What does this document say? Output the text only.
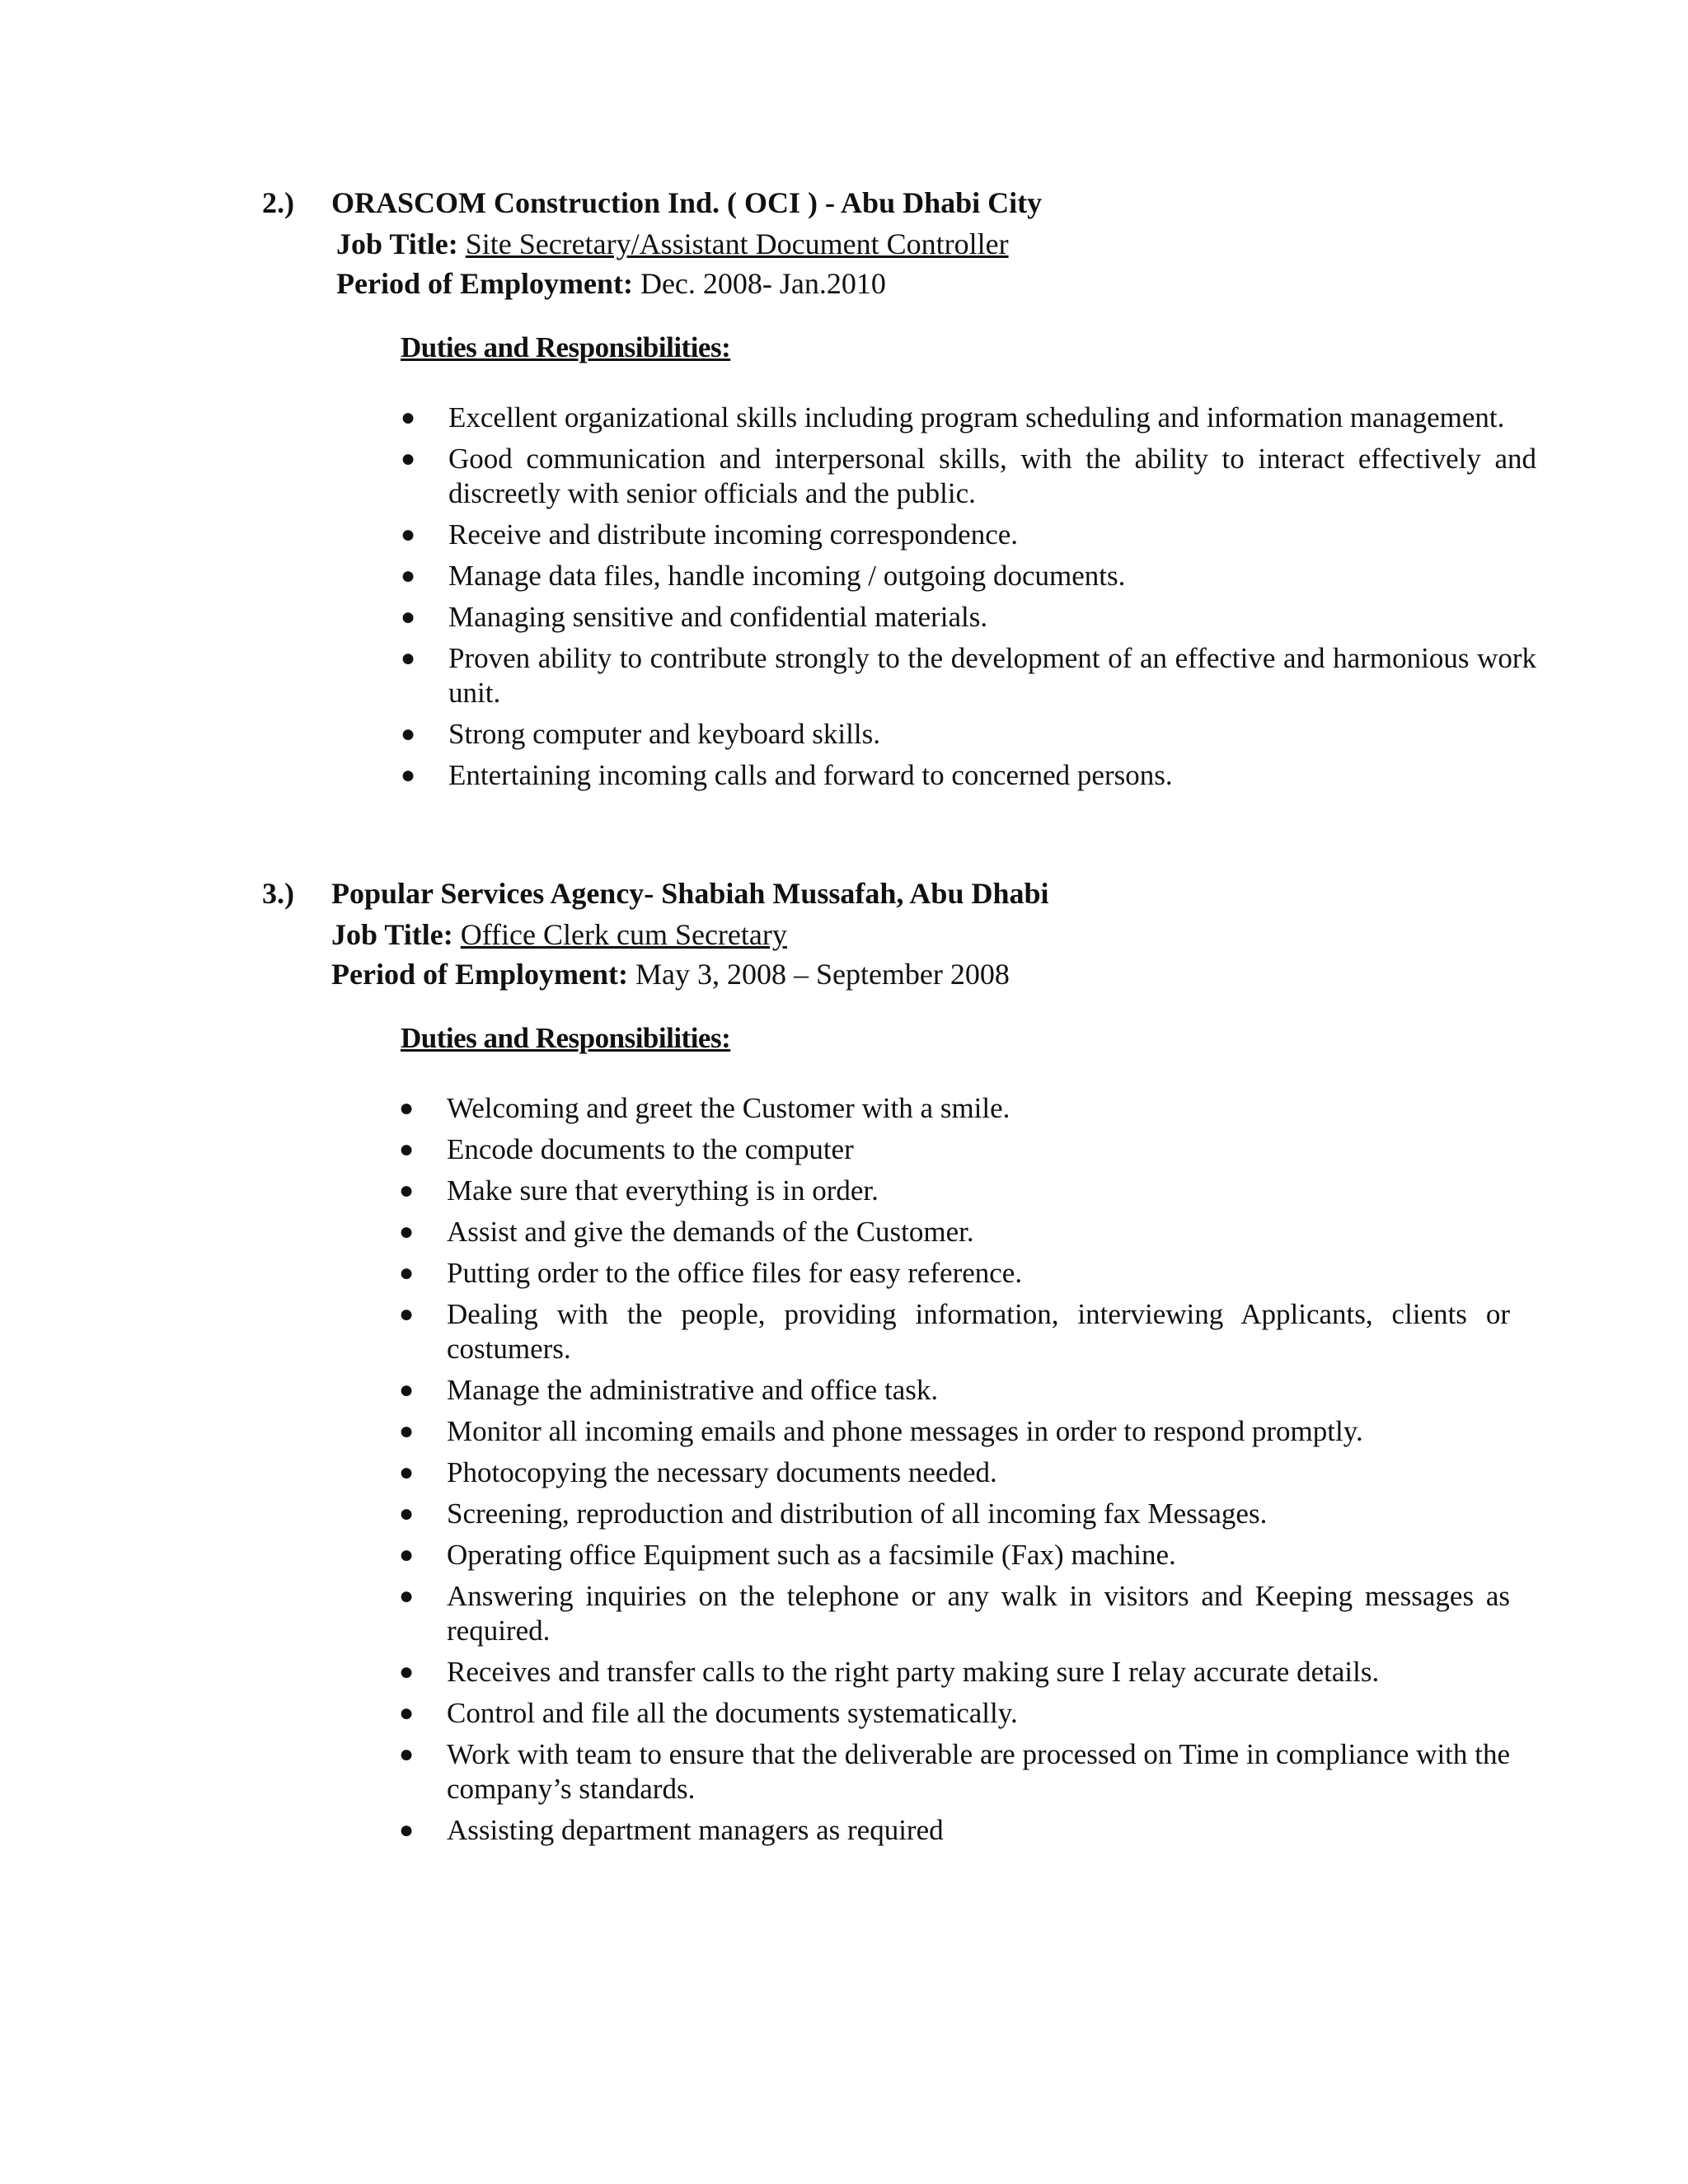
2.) ORASCOM Construction Ind. ( OCI ) - Abu Dhabi City
Job Title: Site Secretary/Assistant Document Controller
Period of Employment: Dec. 2008- Jan.2010
Duties and Responsibilities:
● Excellent organizational skills including program scheduling and information management.
● Good communication and interpersonal skills, with the ability to interact effectively and discreetly with senior officials and the public.
● Receive and distribute incoming correspondence.
● Manage data files, handle incoming / outgoing documents.
● Managing sensitive and confidential materials.
● Proven ability to contribute strongly to the development of an effective and harmonious work unit.
● Strong computer and keyboard skills.
● Entertaining incoming calls and forward to concerned persons.
3.) Popular Services Agency- Shabiah Mussafah, Abu Dhabi
Job Title: Office Clerk cum Secretary
Period of Employment: May 3, 2008 – September 2008
Duties and Responsibilities:
● Welcoming and greet the Customer with a smile.
● Encode documents to the computer
● Make sure that everything is in order.
● Assist and give the demands of the Customer.
● Putting order to the office files for easy reference.
● Dealing with the people, providing information, interviewing Applicants, clients or costumers.
● Manage the administrative and office task.
● Monitor all incoming emails and phone messages in order to respond promptly.
● Photocopying the necessary documents needed.
● Screening, reproduction and distribution of all incoming fax Messages.
● Operating office Equipment such as a facsimile (Fax) machine.
● Answering inquiries on the telephone or any walk in visitors and Keeping messages as required.
● Receives and transfer calls to the right party making sure I relay accurate details.
● Control and file all the documents systematically.
● Work with team to ensure that the deliverable are processed on Time in compliance with the company’s standards.
● Assisting department managers as required
